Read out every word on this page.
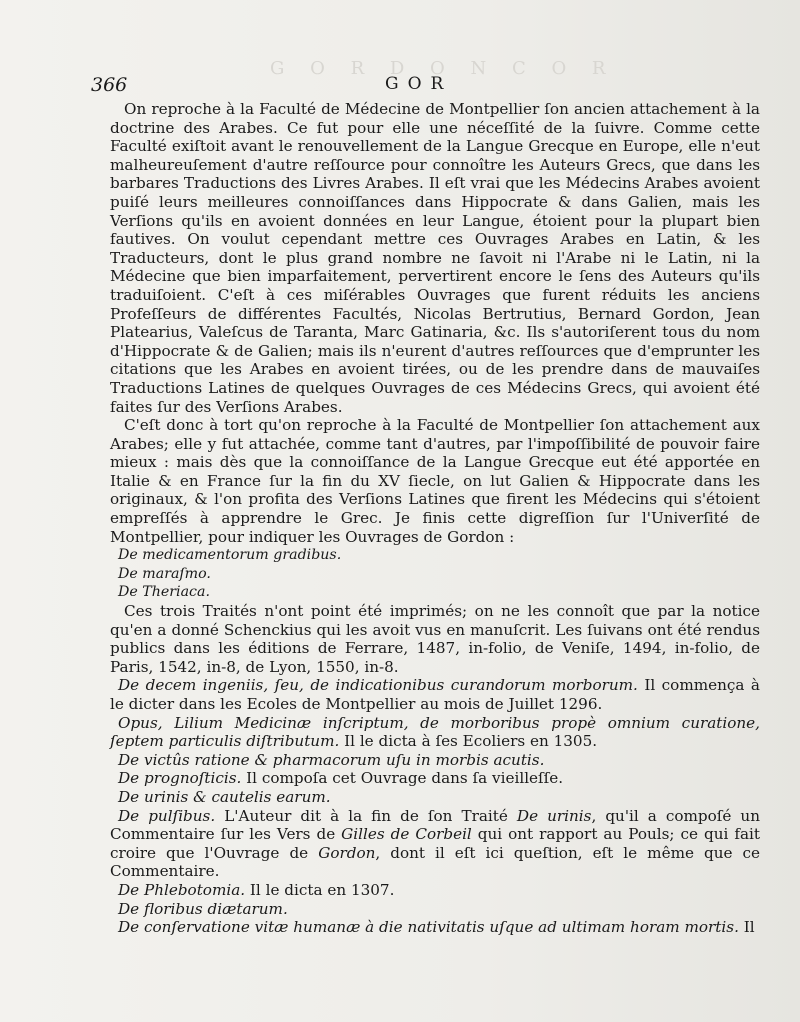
G O R D O N C O R
366	GOR

On reproche à la Faculté de Médecine de Montpellier ſon ancien attachement à la doctrine des Arabes. Ce fut pour elle une néceſſité de la ſuivre. Comme cette Faculté exiſtoit avant le renouvellement de la Langue Grecque en Europe, elle n'eut malheureuſement d'autre reſſource pour connoître les Auteurs Grecs, que dans les barbares Traductions des Livres Arabes. Il eſt vrai que les Médecins Arabes avoient puiſé leurs meilleures connoiſſances dans Hippocrate & dans Galien, mais les Verſions qu'ils en avoient données en leur Langue, étoient pour la plupart bien fautives. On voulut cependant mettre ces Ouvrages Arabes en Latin, & les Traducteurs, dont le plus grand nombre ne ſavoit ni l'Arabe ni le Latin, ni la Médecine que bien imparfaitement, pervertirent encore le ſens des Auteurs qu'ils traduiſoient. C'eſt à ces miſérables Ouvrages que furent réduits les anciens Profeſſeurs de différentes Facultés, Nicolas Bertrutius, Bernard Gordon, Jean Platearius, Valeſcus de Taranta, Marc Gatinaria, &c. Ils s'autoriſerent tous du nom d'Hippocrate & de Galien; mais ils n'eurent d'autres reſſources que d'emprunter les citations que les Arabes en avoient tirées, ou de les prendre dans de mauvaiſes Traductions Latines de quelques Ouvrages de ces Médecins Grecs, qui avoient été faites ſur des Verſions Arabes.

C'eſt donc à tort qu'on reproche à la Faculté de Montpellier ſon attachement aux Arabes; elle y fut attachée, comme tant d'autres, par l'impoſſibilité de pouvoir faire mieux : mais dès que la connoiſſance de la Langue Grecque eut été apportée en Italie & en France ſur la fin du XV ſiecle, on lut Galien & Hippocrate dans les originaux, & l'on profita des Verſions Latines que firent les Médecins qui s'étoient empreſſés à apprendre le Grec. Je finis cette digreſſion ſur l'Univerſité de Montpellier, pour indiquer les Ouvrages de Gordon :

De medicamentorum gradibus.

De maraſmo.

De Theriaca.

Ces trois Traités n'ont point été imprimés; on ne les connoît que par la notice qu'en a donné Schenckius qui les avoit vus en manuſcrit. Les ſuivans ont été rendus publics dans les éditions de Ferrare, 1487, in-folio, de Veniſe, 1494, in-folio, de Paris, 1542, in-8, de Lyon, 1550, in-8.

De decem ingeniis, ſeu, de indicationibus curandorum morborum. Il commença à le dicter dans les Ecoles de Montpellier au mois de Juillet 1296.

Opus, Lilium Medicinæ inſcriptum, de morboribus propè omnium curatione, ſeptem particulis diſtributum. Il le dicta à ſes Ecoliers en 1305.

De victûs ratione & pharmacorum uſu in morbis acutis.

De prognoſticis. Il compoſa cet Ouvrage dans ſa vieilleſſe.

De urinis & cautelis earum.

De pulſibus. L'Auteur dit à la fin de ſon Traité De urinis, qu'il a compoſé un Commentaire ſur les Vers de Gilles de Corbeil qui ont rapport au Pouls; ce qui fait croire que l'Ouvrage de Gordon, dont il eſt ici queſtion, eſt le même que ce Commentaire.

De Phlebotomia. Il le dicta en 1307.

De floribus diætarum.

De conſervatione vitæ humanæ à die nativitatis uſque ad ultimam horam mortis. Il
